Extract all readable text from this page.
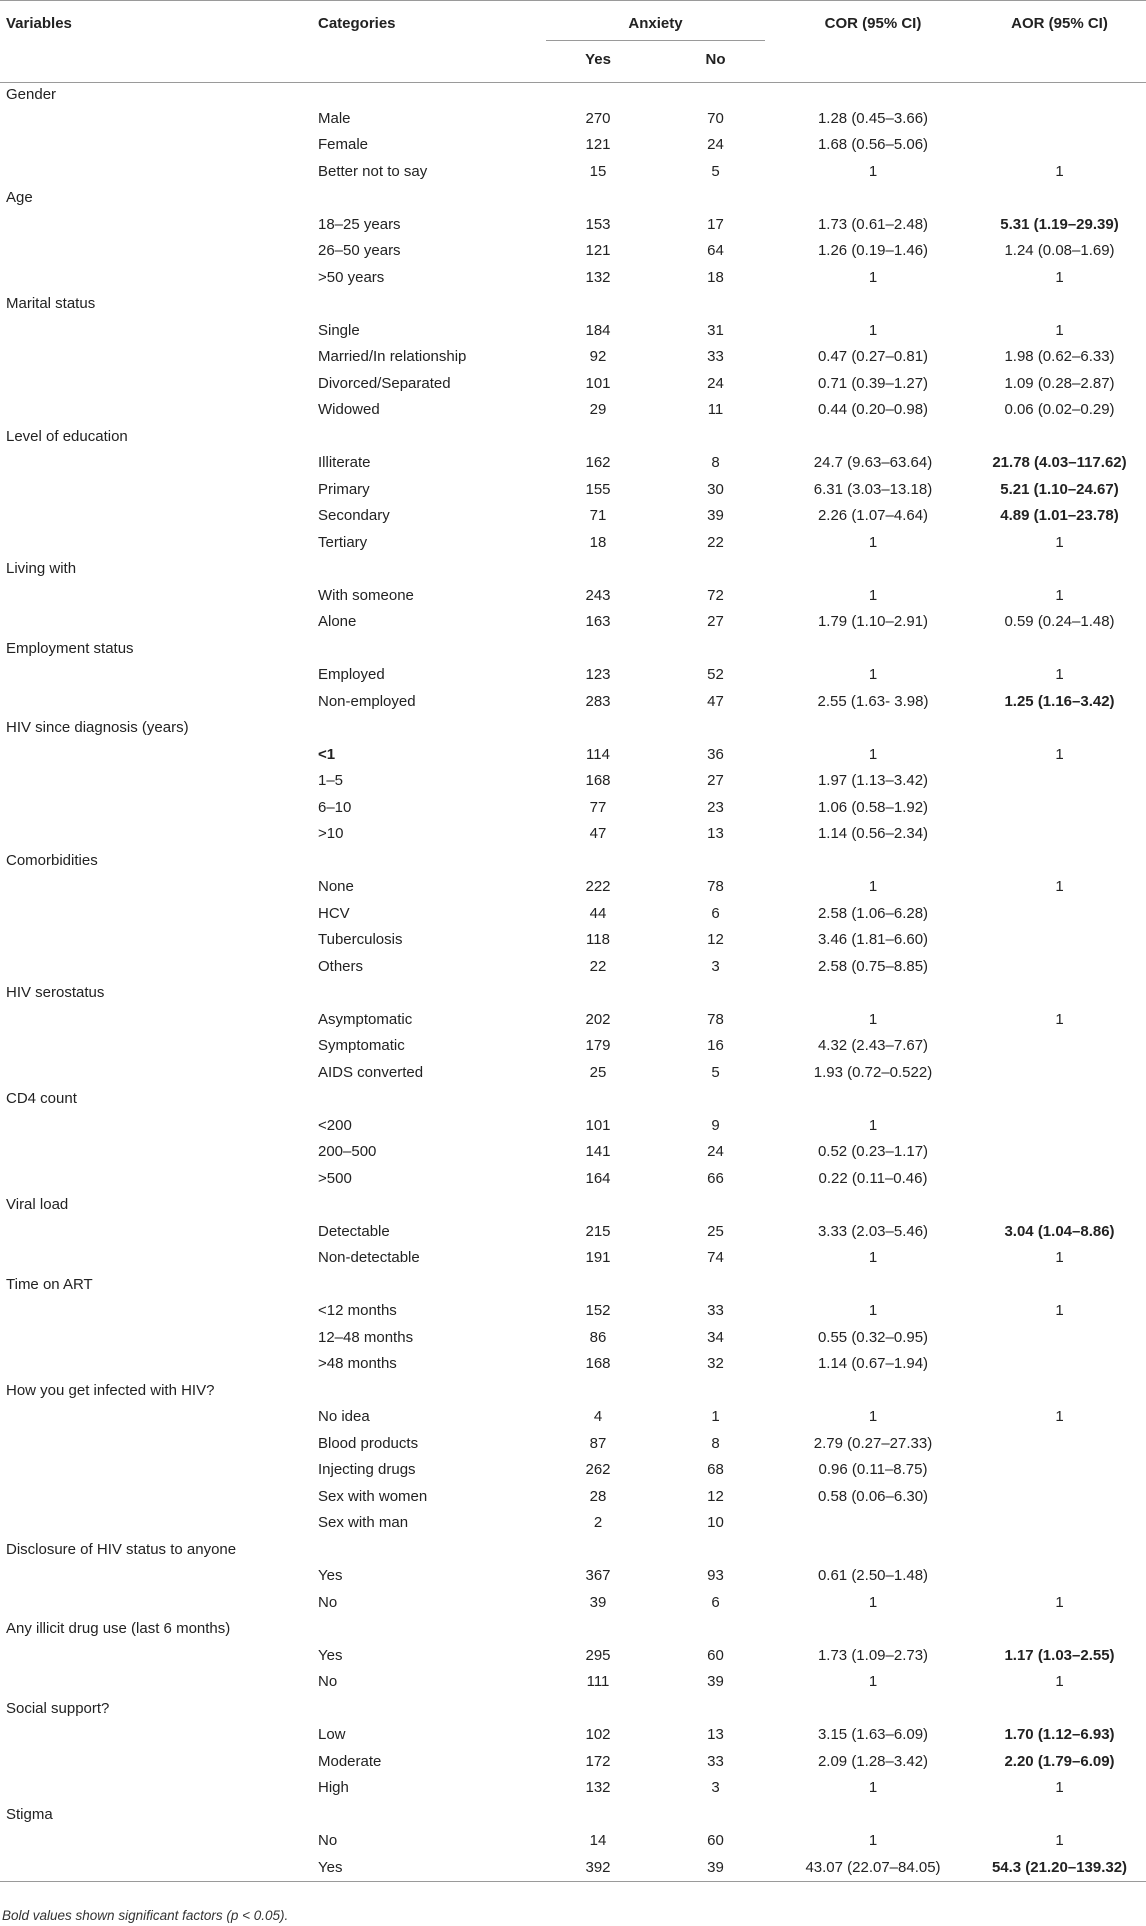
Variables	Categories	Anxiety		COR (95% CI)	AOR (95% CI)
		Yes	No		
Gender					
	Male	270	70	1.28 (0.45–3.66)	
	Female	121	24	1.68 (0.56–5.06)	
	Better not to say	15	5	1	1
Age					
	18–25 years	153	17	1.73 (0.61–2.48)	5.31 (1.19–29.39)
	26–50 years	121	64	1.26 (0.19–1.46)	1.24 (0.08–1.69)
	>50 years	132	18	1	1
Marital status					
	Single	184	31	1	1
	Married/In relationship	92	33	0.47 (0.27–0.81)	1.98 (0.62–6.33)
	Divorced/Separated	101	24	0.71 (0.39–1.27)	1.09 (0.28–2.87)
	Widowed	29	11	0.44 (0.20–0.98)	0.06 (0.02–0.29)
Level of education					
	Illiterate	162	8	24.7 (9.63–63.64)	21.78 (4.03–117.62)
	Primary	155	30	6.31 (3.03–13.18)	5.21 (1.10–24.67)
	Secondary	71	39	2.26 (1.07–4.64)	4.89 (1.01–23.78)
	Tertiary	18	22	1	1
Living with					
	With someone	243	72	1	1
	Alone	163	27	1.79 (1.10–2.91)	0.59 (0.24–1.48)
Employment status					
	Employed	123	52	1	1
	Non-employed	283	47	2.55 (1.63- 3.98)	1.25 (1.16–3.42)
HIV since diagnosis (years)					
	<1	114	36	1	1
	1–5	168	27	1.97 (1.13–3.42)	
	6–10	77	23	1.06 (0.58–1.92)	
	>10	47	13	1.14 (0.56–2.34)	
Comorbidities					
	None	222	78	1	1
	HCV	44	6	2.58 (1.06–6.28)	
	Tuberculosis	118	12	3.46 (1.81–6.60)	
	Others	22	3	2.58 (0.75–8.85)	
HIV serostatus					
	Asymptomatic	202	78	1	1
	Symptomatic	179	16	4.32 (2.43–7.67)	
	AIDS converted	25	5	1.93 (0.72–0.522)	
CD4 count					
	<200	101	9	1	
	200–500	141	24	0.52 (0.23–1.17)	
	>500	164	66	0.22 (0.11–0.46)	
Viral load					
	Detectable	215	25	3.33 (2.03–5.46)	3.04 (1.04–8.86)
	Non-detectable	191	74	1	1
Time on ART					
	<12 months	152	33	1	1
	12–48 months	86	34	0.55 (0.32–0.95)	
	>48 months	168	32	1.14 (0.67–1.94)	
How you get infected with HIV?					
	No idea	4	1	1	1
	Blood products	87	8	2.79 (0.27–27.33)	
	Injecting drugs	262	68	0.96 (0.11–8.75)	
	Sex with women	28	12	0.58 (0.06–6.30)	
	Sex with man	2	10		
Disclosure of HIV status to anyone					
	Yes	367	93	0.61 (2.50–1.48)	
	No	39	6	1	1
Any illicit drug use (last 6 months)					
	Yes	295	60	1.73 (1.09–2.73)	1.17 (1.03–2.55)
	No	111	39	1	1
Social support?					
	Low	102	13	3.15 (1.63–6.09)	1.70 (1.12–6.93)
	Moderate	172	33	2.09 (1.28–3.42)	2.20 (1.79–6.09)
	High	132	3	1	1
Stigma					
	No	14	60	1	1
	Yes	392	39	43.07 (22.07–84.05)	54.3 (21.20–139.32)
Bold values shown significant factors (p < 0.05).
